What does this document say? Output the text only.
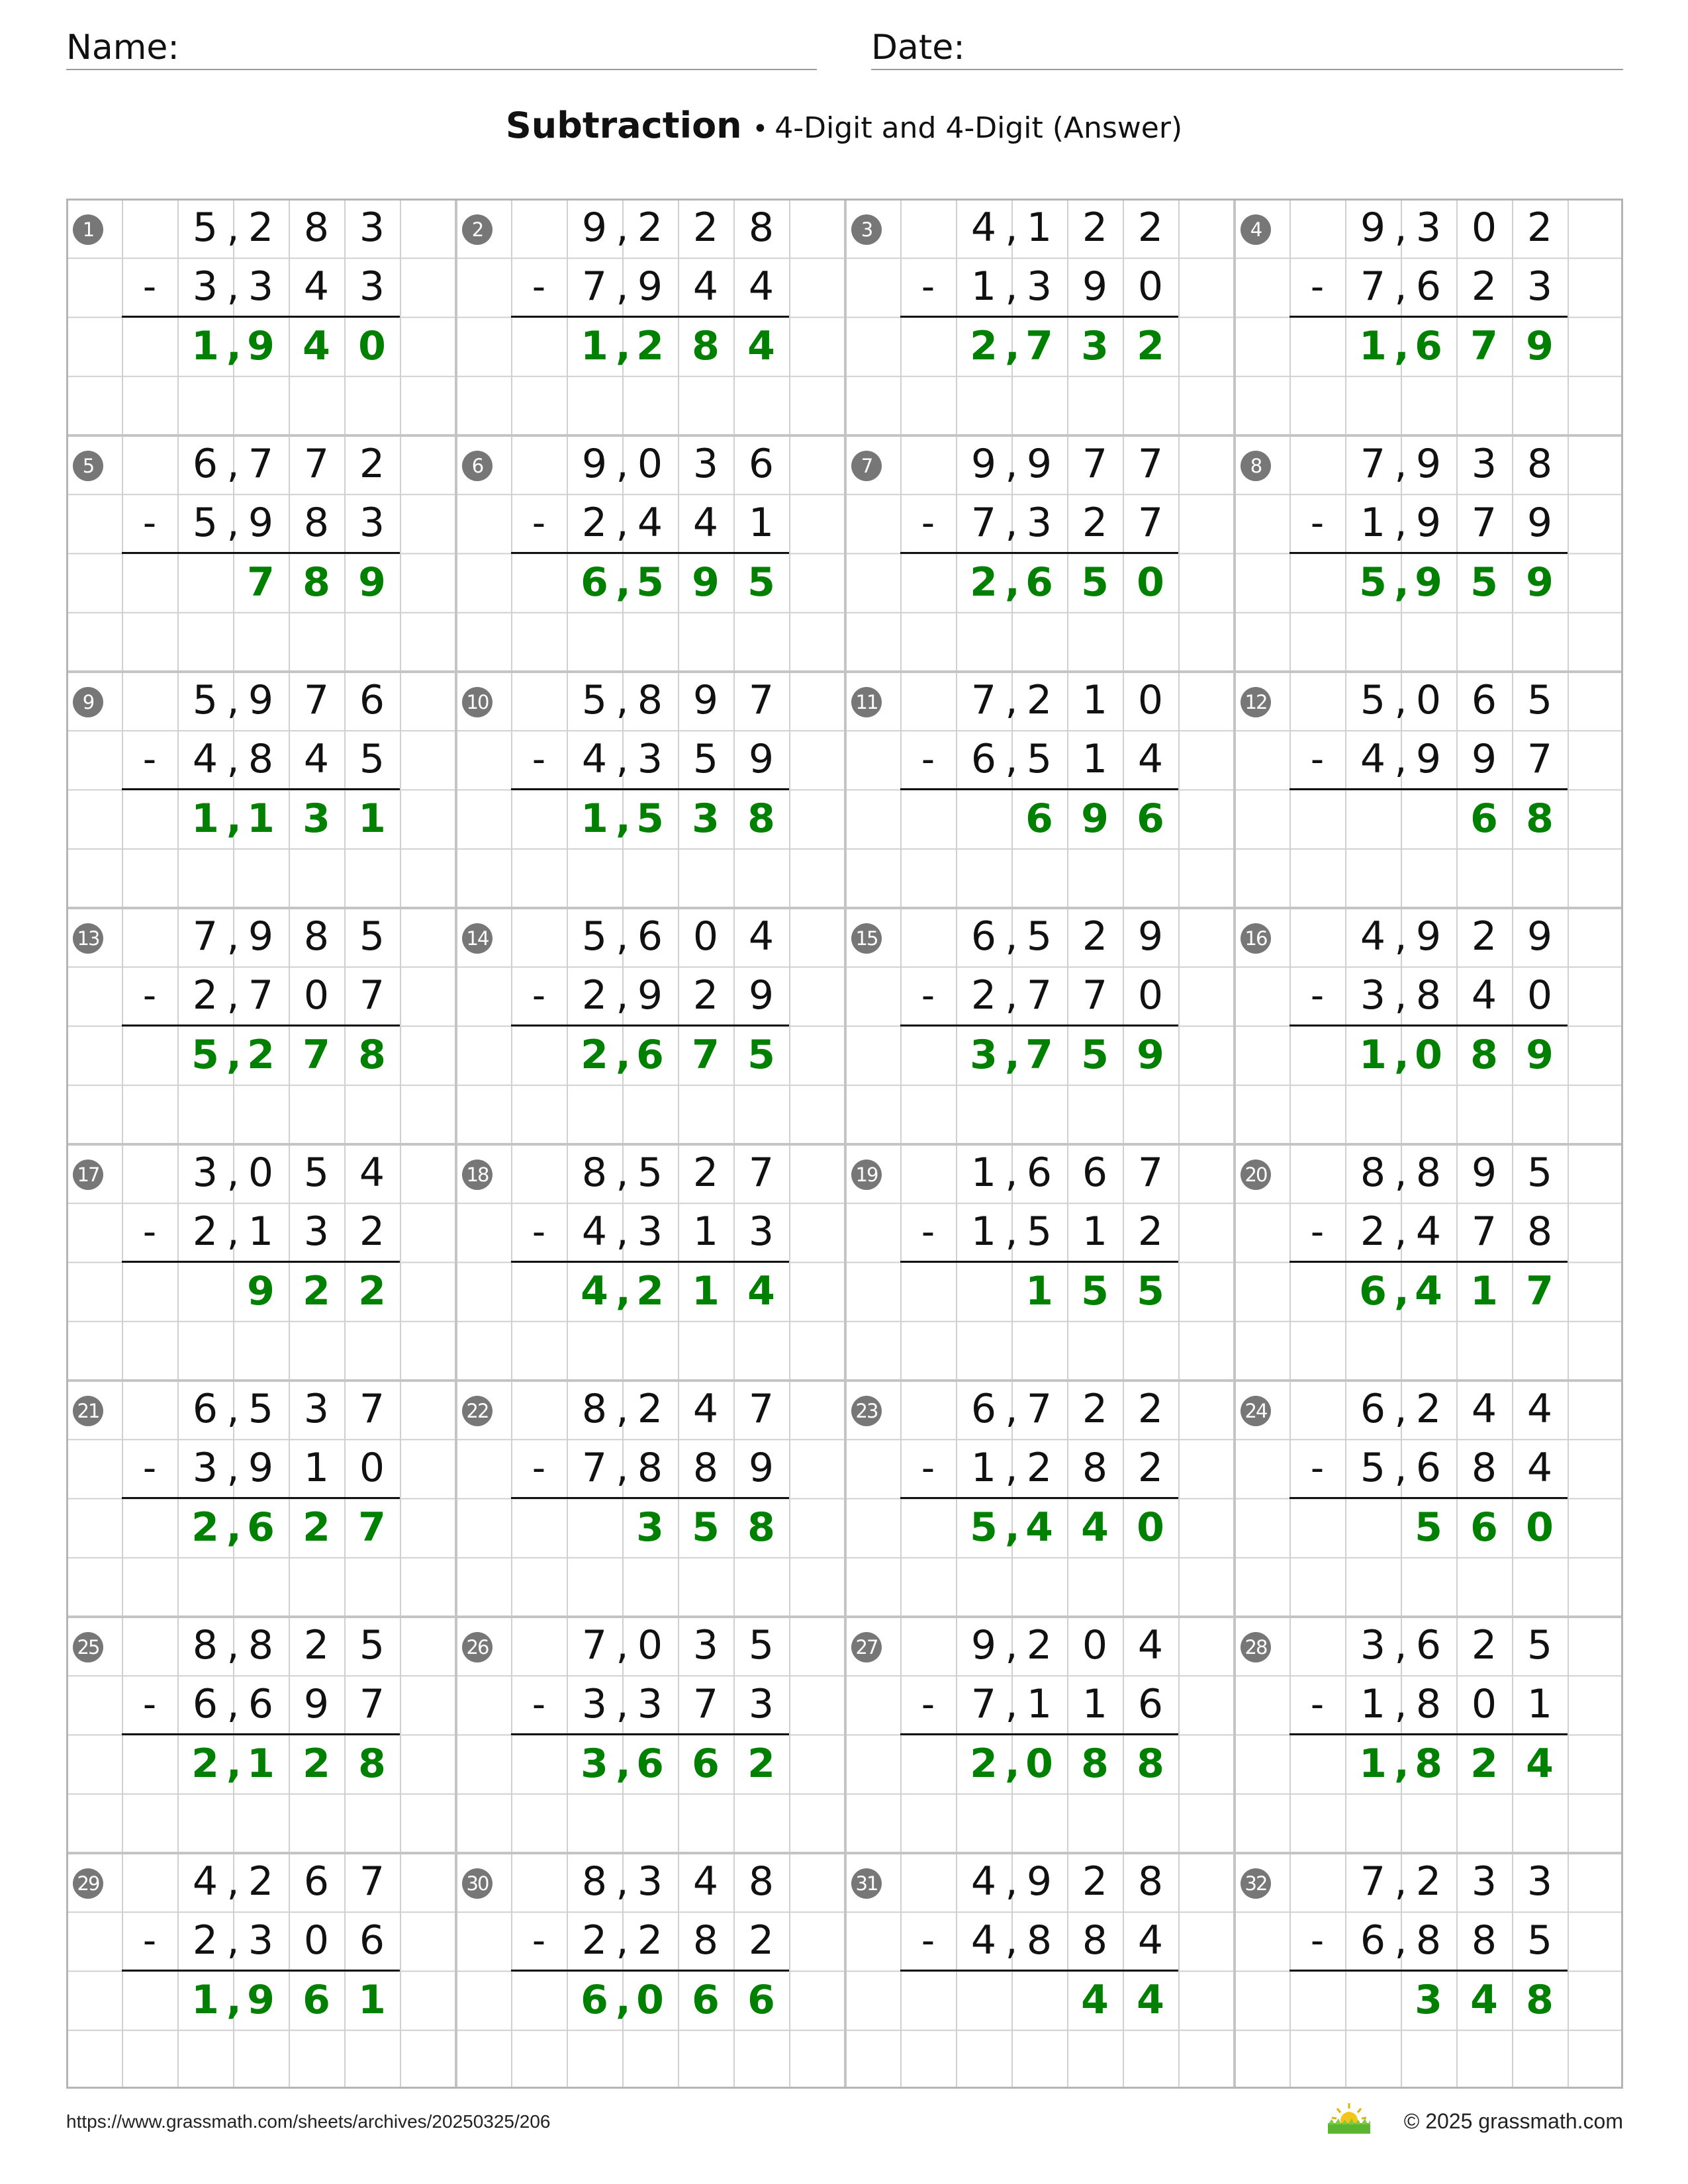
Name:	Date:
Subtraction • 4-Digit and 4-Digit (Answer)
1	5 2 8 3
,
- 3 3 4 3
,
1 9 4 0
,
2	9 2 2 8
,
- 7 9 4 4
,
1 2 8 4
,
3	4 1 2 2
,
- 1 3 9 0
,
2 7 3 2
,
4	9 3 0 2
,
- 7 6 2 3
,
1 6 7 9
,
5	6 7 7 2
,
- 5 9 8 3
,
7 8 9
6	9 0 3 6
,
- 2 4 4 1
,
6 5 9 5
,
7	9 9 7 7
,
- 7 3 2 7
,
2 6 5 0
,
8	7 9 3 8
,
- 1 9 7 9
,
5 9 5 9
,
9	5 9 7 6
,
- 4 8 4 5
,
1 1 3 1
,
10	5 8 9 7
,
- 4 3 5 9
,
1 5 3 8
,
11	7 2 1 0
,
- 6 5 1 4
,
6 9 6
12	5 0 6 5
,
- 4 9 9 7
,
6 8
13	7 9 8 5
,
- 2 7 0 7
,
5 2 7 8
,
14	5 6 0 4
,
- 2 9 2 9
,
2 6 7 5
,
15	6 5 2 9
,
- 2 7 7 0
,
3 7 5 9
,
16	4 9 2 9
,
- 3 8 4 0
,
1 0 8 9
,
17	3 0 5 4
,
- 2 1 3 2
,
9 2 2
18	8 5 2 7
,
- 4 3 1 3
,
4 2 1 4
,
19	1 6 6 7
,
- 1 5 1 2
,
1 5 5
20	8 8 9 5
,
- 2 4 7 8
,
6 4 1 7
,
21	6 5 3 7
,
- 3 9 1 0
,
2 6 2 7
,
22	8 2 4 7
,
- 7 8 8 9
,
3 5 8
23	6 7 2 2
,
- 1 2 8 2
,
5 4 4 0
,
24	6 2 4 4
,
- 5 6 8 4
,
5 6 0
25	8 8 2 5
,
- 6 6 9 7
,
2 1 2 8
,
26	7 0 3 5
,
- 3 3 7 3
,
3 6 6 2
,
27	9 2 0 4
,
- 7 1 1 6
,
2 0 8 8
,
28	3 6 2 5
,
- 1 8 0 1
,
1 8 2 4
,
29	4 2 6 7
,
- 2 3 0 6
,
1 9 6 1
,
30	8 3 4 8
,
- 2 2 8 2
,
6 0 6 6
,
31	4 9 2 8
,
- 4 8 8 4
,
4 4
32	7 2 3 3
,
- 6 8 8 5
,
3 4 8
https://www.grassmath.com/sheets/archives/20250325/206	© 2025 grassmath.com
